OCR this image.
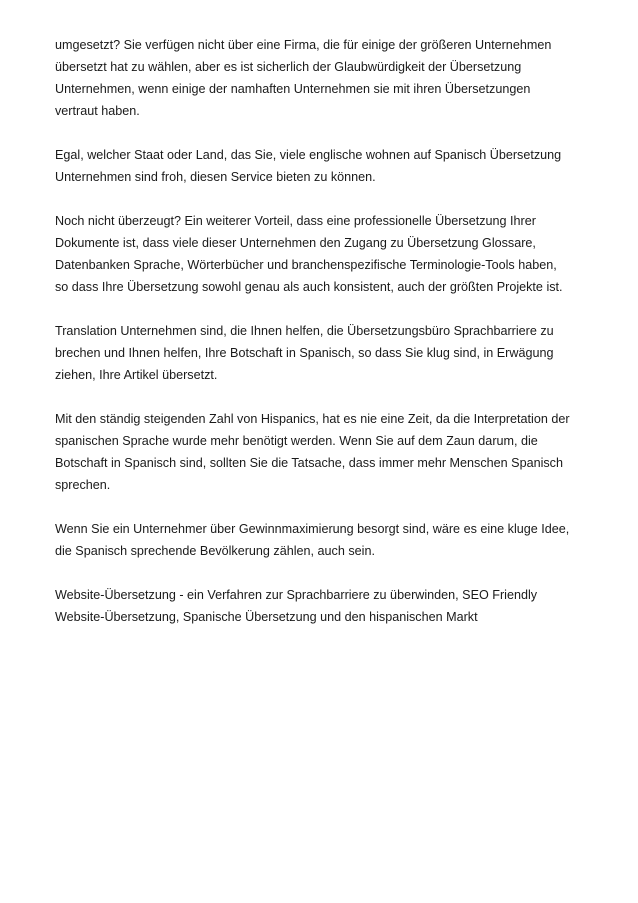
umgesetzt? Sie verfügen nicht über eine Firma, die für einige der größeren Unternehmen
übersetzt hat zu wählen, aber es ist sicherlich der Glaubwürdigkeit der Übersetzung
Unternehmen, wenn einige der namhaften Unternehmen sie mit ihren Übersetzungen
vertraut haben.

Egal, welcher Staat oder Land, das Sie, viele englische wohnen auf Spanisch Übersetzung
Unternehmen sind froh, diesen Service bieten zu können.

Noch nicht überzeugt? Ein weiterer Vorteil, dass eine professionelle Übersetzung Ihrer
Dokumente ist, dass viele dieser Unternehmen den Zugang zu Übersetzung Glossare,
Datenbanken Sprache, Wörterbücher und branchenspezifische Terminologie-Tools haben,
so dass Ihre Übersetzung sowohl genau als auch konsistent, auch der größten Projekte ist.

Translation Unternehmen sind, die Ihnen helfen, die Übersetzungsbüro Sprachbarriere zu
brechen und Ihnen helfen, Ihre Botschaft in Spanisch, so dass Sie klug sind, in Erwägung
ziehen, Ihre Artikel übersetzt.

Mit den ständig steigenden Zahl von Hispanics, hat es nie eine Zeit, da die Interpretation der
spanischen Sprache wurde mehr benötigt werden. Wenn Sie auf dem Zaun darum, die
Botschaft in Spanisch sind, sollten Sie die Tatsache, dass immer mehr Menschen Spanisch
sprechen.

Wenn Sie ein Unternehmer über Gewinnmaximierung besorgt sind, wäre es eine kluge Idee,
die Spanisch sprechende Bevölkerung zählen, auch sein.

Website-Übersetzung - ein Verfahren zur Sprachbarriere zu überwinden, SEO Friendly
Website-Übersetzung, Spanische Übersetzung und den hispanischen Markt
